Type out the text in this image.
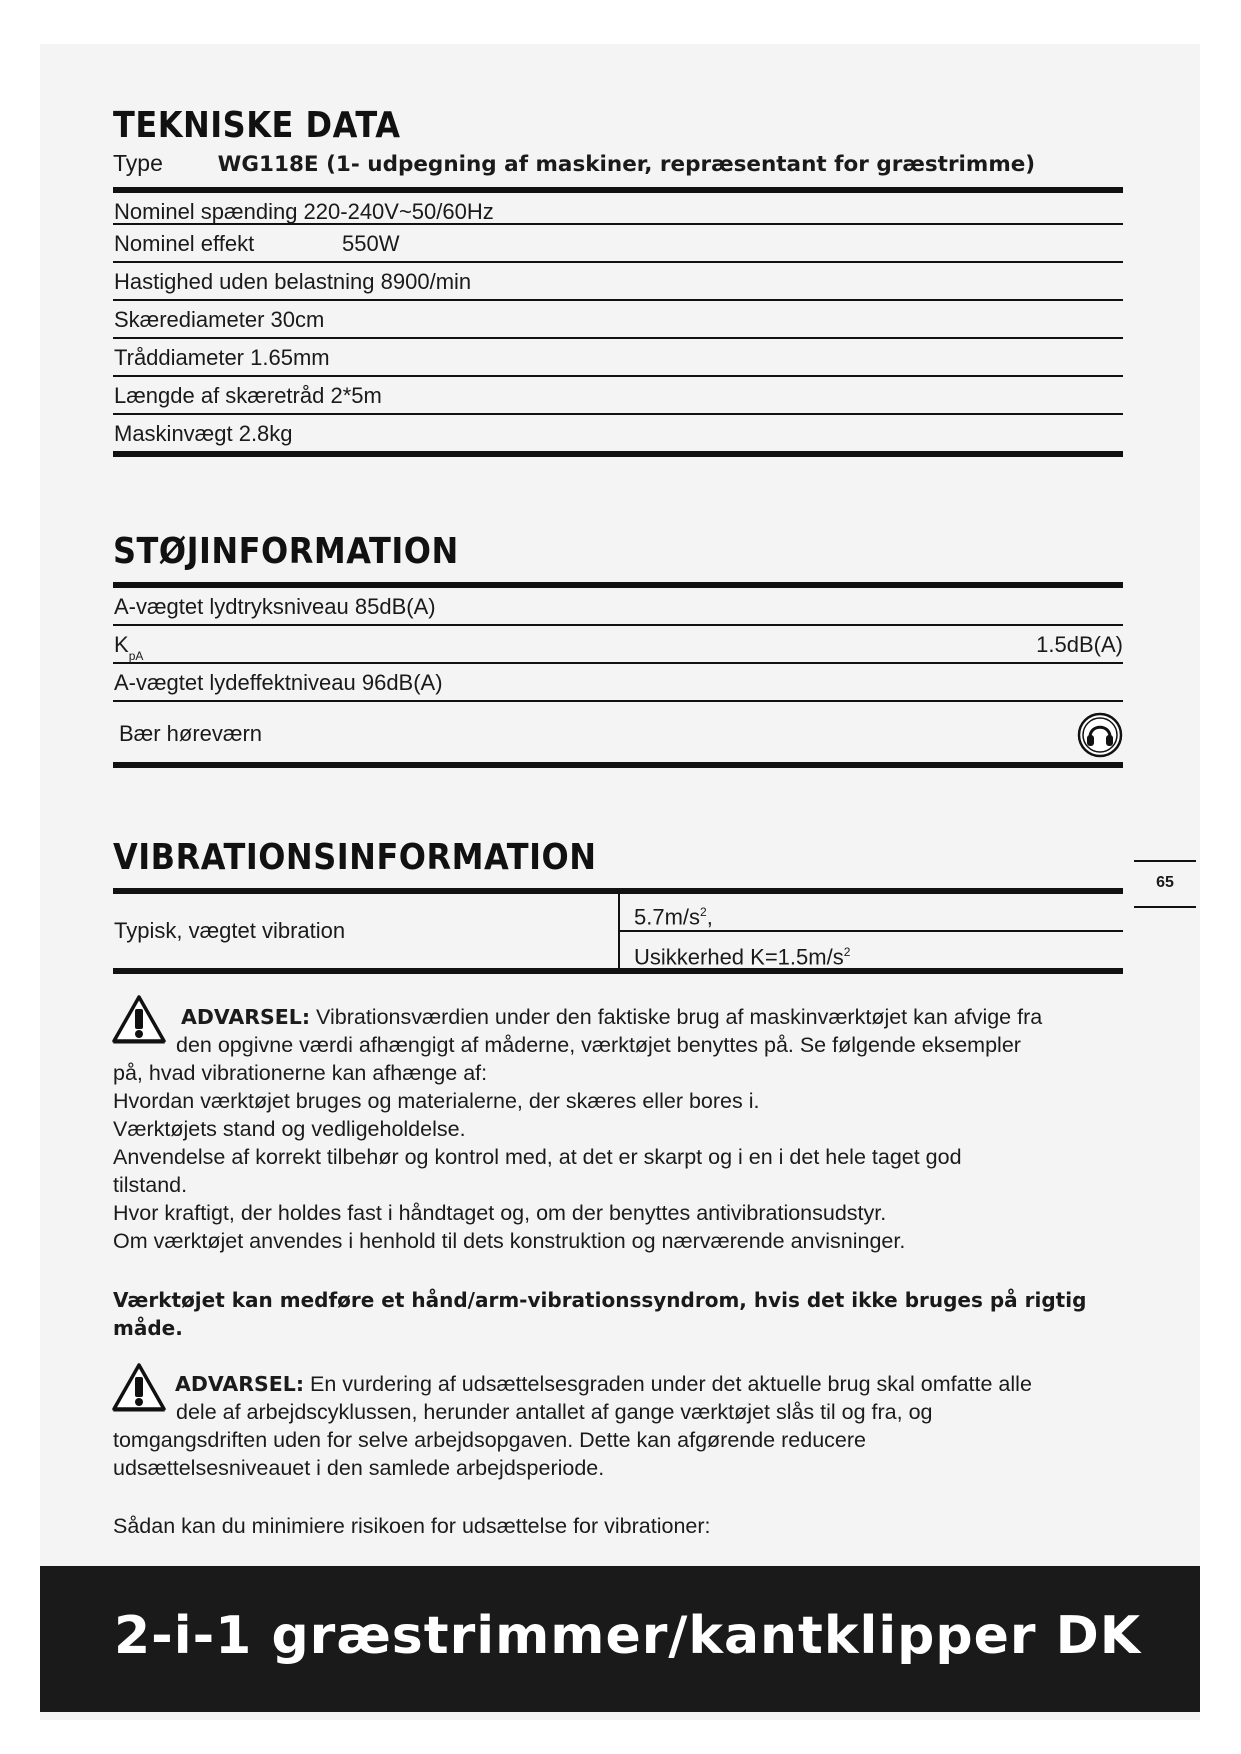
TEKNISKE DATA
Type	WG118E (1- udpegning af maskiner, repræsentant for græstrimme)
Nominel spænding 220-240V~50/60Hz
Nominel effekt	550W
Hastighed uden belastning 8900/min
Skærediameter 30cm
Tråddiameter 1.65mm
Længde af skæretråd 2*5m
Maskinvægt 2.8kg
STØJINFORMATION
A-vægtet lydtryksniveau 85dB(A)
$K_{pA}$	1.5dB(A)
A-vægtet lydeffektniveau 96dB(A)
Bær høreværn
VIBRATIONSINFORMATION
Typisk, vægtet vibration
$5.7m/s^2$,
Usikkerhed $K=1.5m/s^2$
65
ADVARSEL: Vibrationsværdien under den faktiske brug af maskinværktøjet kan afvige fra
den opgivne værdi afhængigt af måderne, værktøjet benyttes på. Se følgende eksempler
på, hvad vibrationerne kan afhænge af:
Hvordan værktøjet bruges og materialerne, der skæres eller bores i.
Værktøjets stand og vedligeholdelse.
Anvendelse af korrekt tilbehør og kontrol med, at det er skarpt og i en i det hele taget god
tilstand.
Hvor kraftigt, der holdes fast i håndtaget og, om der benyttes antivibrationsudstyr.
Om værktøjet anvendes i henhold til dets konstruktion og nærværende anvisninger.
Værktøjet kan medføre et hånd/arm-vibrationssyndrom, hvis det ikke bruges på rigtig
måde.
ADVARSEL: En vurdering af udsættelsesgraden under det aktuelle brug skal omfatte alle
dele af arbejdscyklussen, herunder antallet af gange værktøjet slås til og fra, og
tomgangsdriften uden for selve arbejdsopgaven. Dette kan afgørende reducere
udsættelsesniveauet i den samlede arbejdsperiode.
Sådan kan du minimiere risikoen for udsættelse for vibrationer:
2-i-1 græstrimmer/kantklipper DK
